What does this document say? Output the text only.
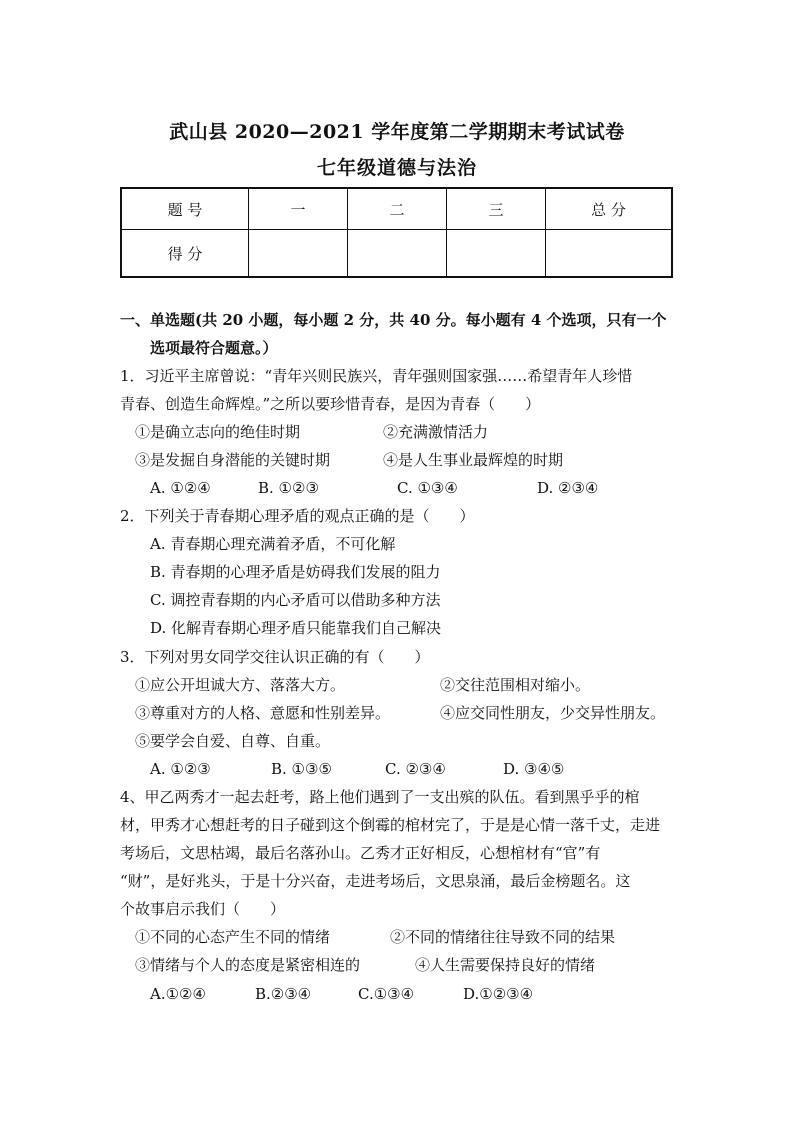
武山县 2020—2021 学年度第二学期期末考试试卷
七年级道德与法治
题 号	一	二	三	总 分
得 分				
一、单选题(共 20 小题，每小题 2 分，共 40 分。每小题有 4 个选项，只有一个
选项最符合题意。）
1．习近平主席曾说：“青年兴则民族兴，青年强则国家强……希望青年人珍惜
青春、创造生命辉煌。”之所以要珍惜青春，是因为青春（　　）
①是确立志向的绝佳时期	②充满激情活力
③是发掘自身潜能的关键时期	④是人生事业最辉煌的时期
A. ①②④	B. ①②③	C. ①③④	D. ②③④
2．下列关于青春期心理矛盾的观点正确的是（　　）
A. 青春期心理充满着矛盾，不可化解
B. 青春期的心理矛盾是妨碍我们发展的阻力
C. 调控青春期的内心矛盾可以借助多种方法
D. 化解青春期心理矛盾只能靠我们自己解决
3．下列对男女同学交往认识正确的有（　　）
①应公开坦诚大方、落落大方。	②交往范围相对缩小。
③尊重对方的人格、意愿和性别差异。	④应交同性朋友，少交异性朋友。
⑤要学会自爱、自尊、自重。
A. ①②③	B. ①③⑤	C. ②③④	D. ③④⑤
4、甲乙两秀才一起去赶考，路上他们遇到了一支出殡的队伍。看到黑乎乎的棺
材，甲秀才心想赶考的日子碰到这个倒霉的棺材完了，于是是心情一落千丈，走进
考场后，文思枯竭，最后名落孙山。乙秀才正好相反，心想棺材有“官”有
“财”，是好兆头，于是十分兴奋，走进考场后，文思泉涌，最后金榜题名。这
个故事启示我们（　　）
①不同的心态产生不同的情绪	②不同的情绪往往导致不同的结果
③情绪与个人的态度是紧密相连的	④人生需要保持良好的情绪
A.①②④	B.②③④	C.①③④	D.①②③④
